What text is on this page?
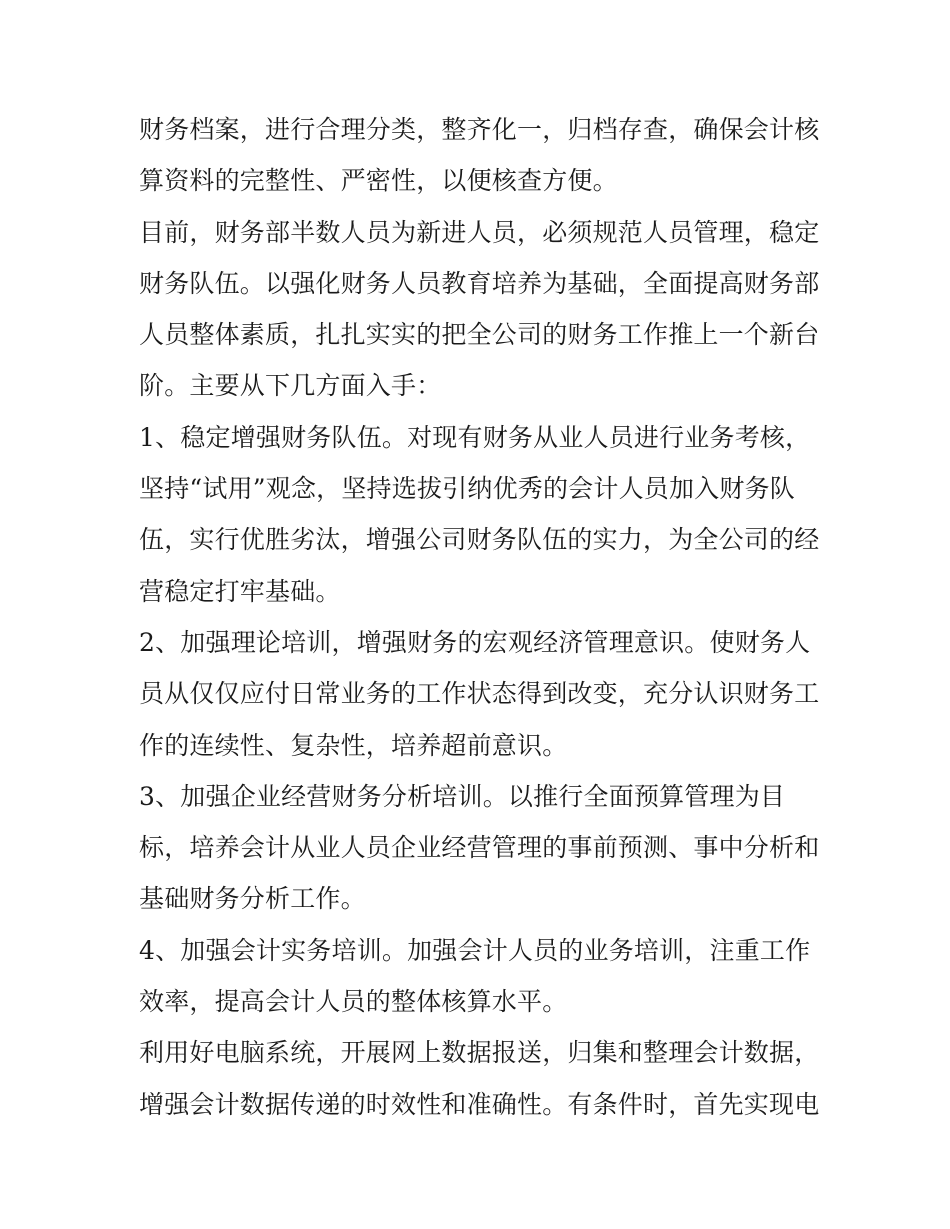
财务档案，进行合理分类，整齐化一，归档存查，确保会计核
算资料的完整性、严密性，以便核查方便。
目前，财务部半数人员为新进人员，必须规范人员管理，稳定
财务队伍。以强化财务人员教育培养为基础，全面提高财务部
人员整体素质，扎扎实实的把全公司的财务工作推上一个新台
阶。主要从下几方面入手：
1、稳定增强财务队伍。对现有财务从业人员进行业务考核，
坚持“试用”观念，坚持选拔引纳优秀的会计人员加入财务队
伍，实行优胜劣汰，增强公司财务队伍的实力，为全公司的经
营稳定打牢基础。
2、加强理论培训，增强财务的宏观经济管理意识。使财务人
员从仅仅应付日常业务的工作状态得到改变，充分认识财务工
作的连续性、复杂性，培养超前意识。
3、加强企业经营财务分析培训。以推行全面预算管理为目
标，培养会计从业人员企业经营管理的事前预测、事中分析和
基础财务分析工作。
4、加强会计实务培训。加强会计人员的业务培训，注重工作
效率，提高会计人员的整体核算水平。
利用好电脑系统，开展网上数据报送，归集和整理会计数据，
增强会计数据传递的时效性和准确性。有条件时，首先实现电
